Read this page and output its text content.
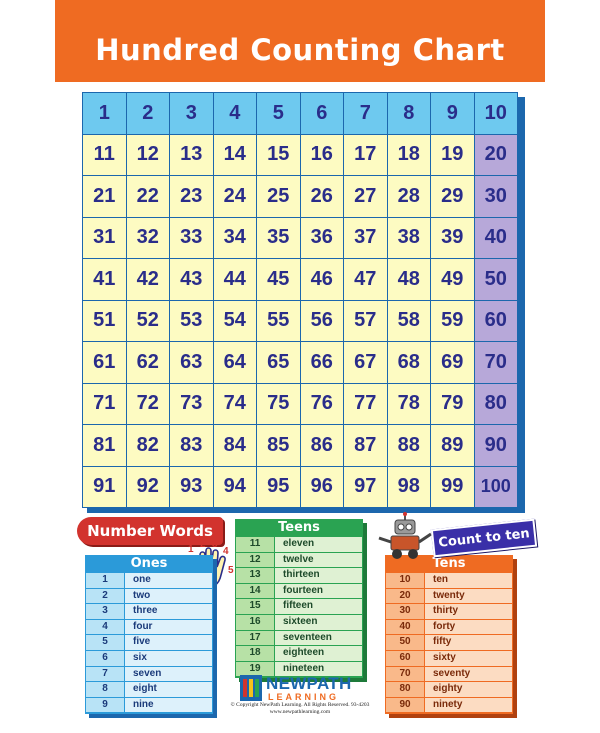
Hundred Counting Chart
1	2	3	4	5	6	7	8	9	10
11	12	13	14	15	16	17	18	19	20
21	22	23	24	25	26	27	28	29	30
31	32	33	34	35	36	37	38	39	40
41	42	43	44	45	46	47	48	49	50
51	52	53	54	55	56	57	58	59	60
61	62	63	64	65	66	67	68	69	70
71	72	73	74	75	76	77	78	79	80
81	82	83	84	85	86	87	88	89	90
91	92	93	94	95	96	97	98	99 100
Number Words
1 2 3
4
5
Ones
1	one
2	two
3	three
4	four
5	five
6	six
7	seven
8	eight
9	nine
Teens
11	eleven
12	twelve
13	thirteen
14	fourteen
15	fifteen
16	sixteen
17	seventeen
18	eighteen
19	nineteen
Tens
10	ten
20	twenty
30	thirty
40	forty
50	fifty
60	sixty
70	seventy
80	eighty
90	ninety
Count to ten
NEWPATH
LEARNING
© Copyright NewPath Learning. All Rights Reserved. 93-4203
www.newpathlearning.com
